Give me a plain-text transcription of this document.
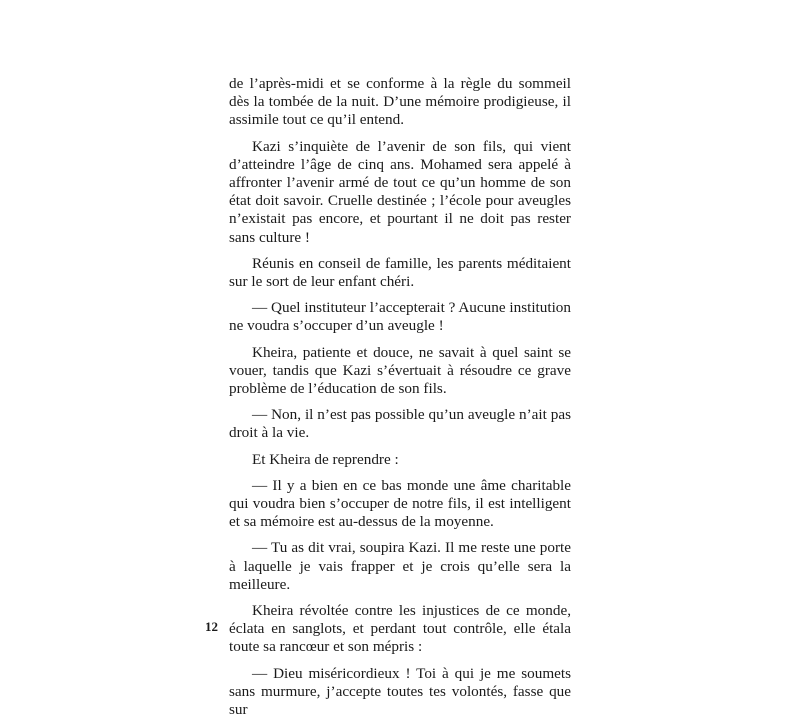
de l’après-midi et se conforme à la règle du sommeil dès la tombée de la nuit. D’une mémoire prodigieuse, il assimile tout ce qu’il entend.

Kazi s’inquiète de l’avenir de son fils, qui vient d’atteindre l’âge de cinq ans. Mohamed sera appelé à affronter l’avenir armé de tout ce qu’un homme de son état doit savoir. Cruelle destinée ; l’école pour aveugles n’existait pas encore, et pourtant il ne doit pas rester sans culture !

Réunis en conseil de famille, les parents méditaient sur le sort de leur enfant chéri.

— Quel instituteur l’accepterait ? Aucune institution ne voudra s’occuper d’un aveugle !

Kheira, patiente et douce, ne savait à quel saint se vouer, tandis que Kazi s’évertuait à résoudre ce grave problème de l’éducation de son fils.

— Non, il n’est pas possible qu’un aveugle n’ait pas droit à la vie.

Et Kheira de reprendre :

— Il y a bien en ce bas monde une âme charitable qui voudra bien s’occuper de notre fils, il est intelligent et sa mémoire est au-dessus de la moyenne.

— Tu as dit vrai, soupira Kazi. Il me reste une porte à laquelle je vais frapper et je crois qu’elle sera la meilleure.

Kheira révoltée contre les injustices de ce monde, éclata en sanglots, et perdant tout contrôle, elle étala toute sa rancœur et son mépris :

— Dieu miséricordieux ! Toi à qui je me soumets sans murmure, j’accepte toutes tes volontés, fasse que sur

12
